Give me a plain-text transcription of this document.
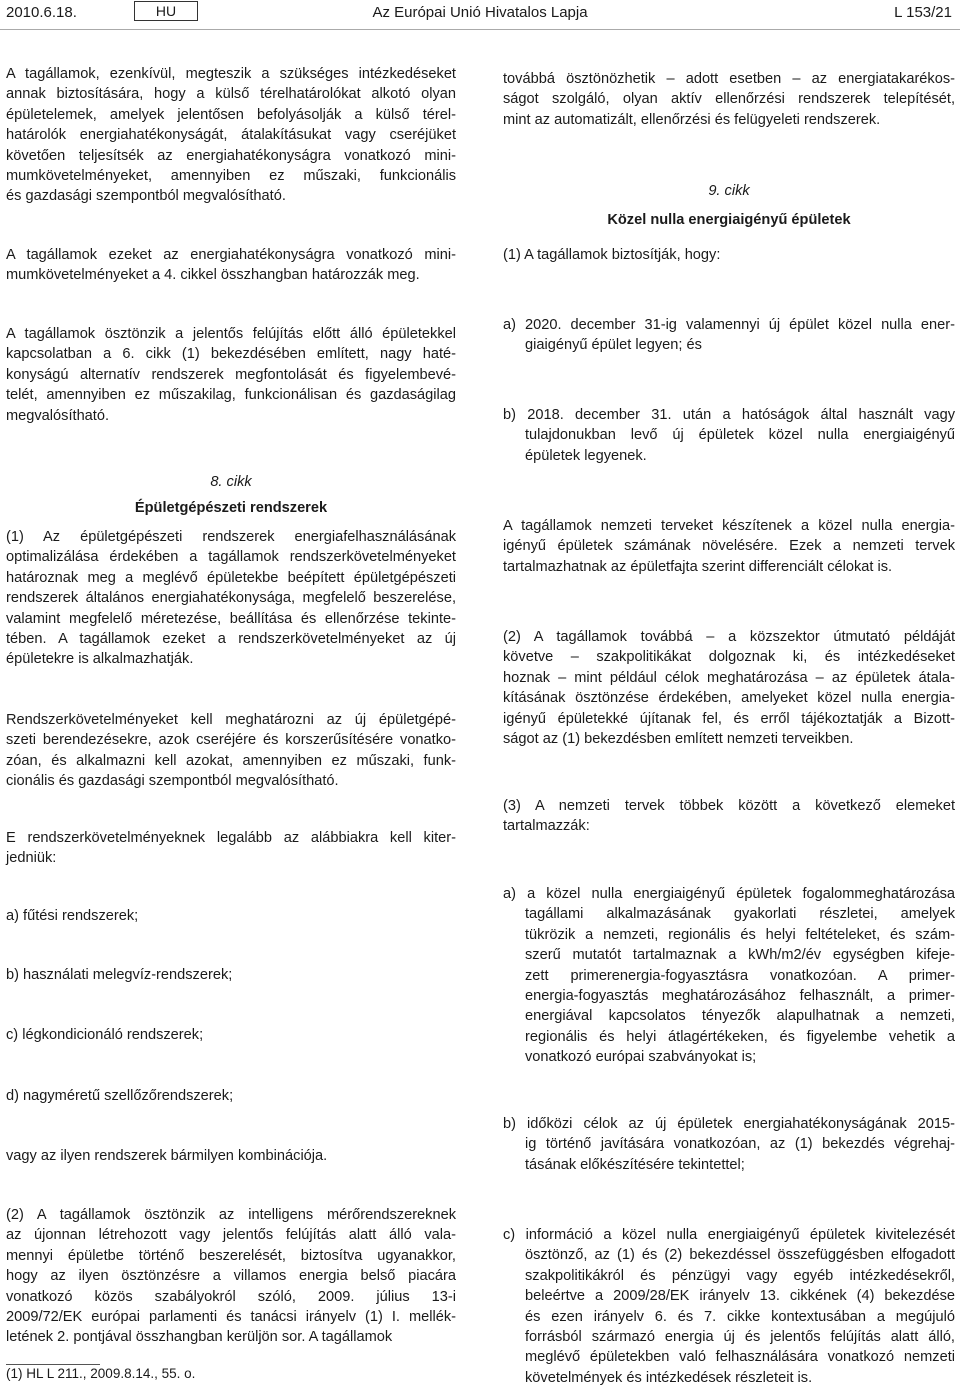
2010.6.18.	HU	Az Európai Unió Hivatalos Lapja	L 153/21
A tagállamok, ezenkívül, megteszik a szükséges intézkedéseket
annak biztosítására, hogy a külső térelhatárolókat alkotó olyan
épületelemek, amelyek jelentősen befolyásolják a külső térel-
határolók energiahatékonyságát, átalakításukat vagy cseréjüket
követően teljesítsék az energiahatékonyságra vonatkozó mini-
mumkövetelményeket, amennyiben ez műszaki, funkcionális
és gazdasági szempontból megvalósítható.
A tagállamok ezeket az energiahatékonyságra vonatkozó mini-
mumkövetelményeket a 4. cikkel összhangban határozzák meg.
A tagállamok ösztönzik a jelentős felújítás előtt álló épületekkel
kapcsolatban a 6. cikk (1) bekezdésében említett, nagy haté-
konyságú alternatív rendszerek megfontolását és figyelembevé-
telét, amennyiben ez műszakilag, funkcionálisan és gazdaságilag
megvalósítható.
8. cikk
Épületgépészeti rendszerek
(1) Az épületgépészeti rendszerek energiafelhasználásának
optimalizálása érdekében a tagállamok rendszerkövetelményeket
határoznak meg a meglévő épületekbe beépített épületgépészeti
rendszerek általános energiahatékonysága, megfelelő beszerelése,
valamint megfelelő méretezése, beállítása és ellenőrzése tekinte-
tében. A tagállamok ezeket a rendszerkövetelményeket az új
épületekre is alkalmazhatják.
Rendszerkövetelményeket kell meghatározni az új épületgépé-
szeti berendezésekre, azok cseréjére és korszerűsítésére vonatko-
zóan, és alkalmazni kell azokat, amennyiben ez műszaki, funk-
cionális és gazdasági szempontból megvalósítható.
E rendszerkövetelményeknek legalább az alábbiakra kell kiter-
jedniük:
a) fűtési rendszerek;
b) használati melegvíz-rendszerek;
c) légkondicionáló rendszerek;
d) nagyméretű szellőzőrendszerek;
vagy az ilyen rendszerek bármilyen kombinációja.
(2) A tagállamok ösztönzik az intelligens mérőrendszereknek
az újonnan létrehozott vagy jelentős felújítás alatt álló vala-
mennyi épületbe történő beszerelését, biztosítva ugyanakkor,
hogy az ilyen ösztönzésre a villamos energia belső piacára
vonatkozó közös szabályokról szóló, 2009. július 13-i
2009/72/EK európai parlamenti és tanácsi irányelv (1) I. mellék-
letének 2. pontjával összhangban kerüljön sor. A tagállamok
továbbá ösztönözhetik – adott esetben – az energiatakarékos-
ságot szolgáló, olyan aktív ellenőrzési rendszerek telepítését,
mint az automatizált, ellenőrzési és felügyeleti rendszerek.
9. cikk
Közel nulla energiaigényű épületek
(1) A tagállamok biztosítják, hogy:
a) 2020. december 31-ig valamennyi új épület közel nulla ener-
giaigényű épület legyen; és
b) 2018. december 31. után a hatóságok által használt vagy
tulajdonukban levő új épületek közel nulla energiaigényű
épületek legyenek.
A tagállamok nemzeti terveket készítenek a közel nulla energia-
igényű épületek számának növelésére. Ezek a nemzeti tervek
tartalmazhatnak az épületfajta szerint differenciált célokat is.
(2) A tagállamok továbbá – a közszektor útmutató példáját
követve – szakpolitikákat dolgoznak ki, és intézkedéseket
hoznak – mint például célok meghatározása – az épületek átala-
kításának ösztönzése érdekében, amelyeket közel nulla energia-
igényű épületekké újítanak fel, és erről tájékoztatják a Bizott-
ságot az (1) bekezdésben említett nemzeti terveikben.
(3) A nemzeti tervek többek között a következő elemeket
tartalmazzák:
a) a közel nulla energiaigényű épületek fogalommeghatározása
tagállami alkalmazásának gyakorlati részletei, amelyek
tükrözik a nemzeti, regionális és helyi feltételeket, és szám-
szerű mutatót tartalmaznak a kWh/m2/év egységben kifeje-
zett primerenergia-fogyasztásra vonatkozóan. A primer-
energia-fogyasztás meghatározásához felhasznált, a primer-
energiával kapcsolatos tényezők alapulhatnak a nemzeti,
regionális és helyi átlagértékeken, és figyelembe vehetik a
vonatkozó európai szabványokat is;
b) időközi célok az új épületek energiahatékonyságának 2015-
ig történő javítására vonatkozóan, az (1) bekezdés végrehaj-
tásának előkészítésére tekintettel;
c) információ a közel nulla energiaigényű épületek kivitelezését
ösztönző, az (1) és (2) bekezdéssel összefüggésben elfogadott
szakpolitikákról és pénzügyi vagy egyéb intézkedésekről,
beleértve a 2009/28/EK irányelv 13. cikkének (4) bekezdése
és ezen irányelv 6. és 7. cikke kontextusában a megújuló
forrásból származó energia új és jelentős felújítás alatt álló,
meglévő épületekben való felhasználására vonatkozó nemzeti
követelmények és intézkedések részleteit is.
(1) HL L 211., 2009.8.14., 55. o.
